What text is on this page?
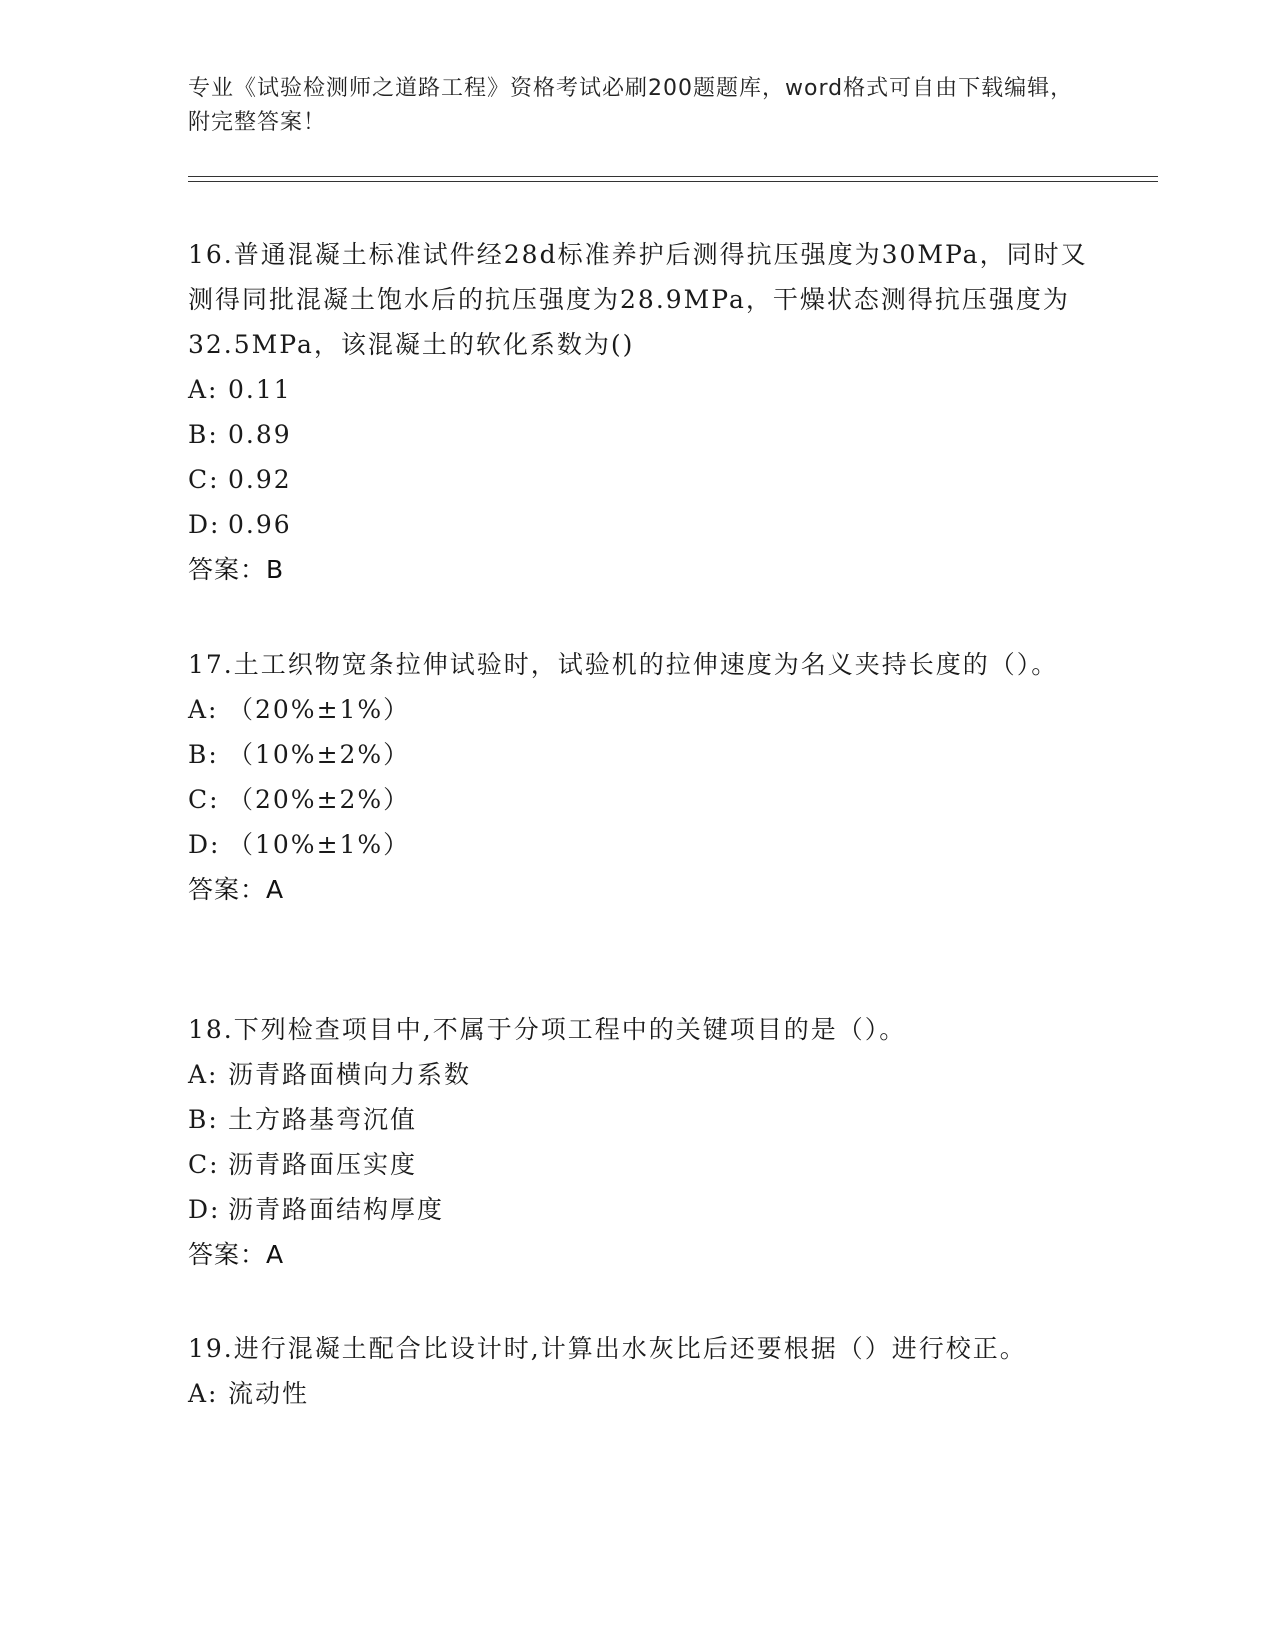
专业《试验检测师之道路工程》资格考试必刷200题题库，word格式可自由下载编辑，附完整答案！
16.普通混凝土标准试件经28d标准养护后测得抗压强度为30MPa，同时又测得同批混凝土饱水后的抗压强度为28.9MPa，干燥状态测得抗压强度为32.5MPa，该混凝土的软化系数为()
A: 0.11
B: 0.89
C: 0.92
D: 0.96
答案：B
17.土工织物宽条拉伸试验时，试验机的拉伸速度为名义夹持长度的（）。
A: （20%±1%）
B: （10%±2%）
C: （20%±2%）
D: （10%±1%）
答案：A
18.下列检查项目中,不属于分项工程中的关键项目的是（）。
A: 沥青路面横向力系数
B: 土方路基弯沉值
C: 沥青路面压实度
D: 沥青路面结构厚度
答案：A
19.进行混凝土配合比设计时,计算出水灰比后还要根据（）进行校正。
A: 流动性
